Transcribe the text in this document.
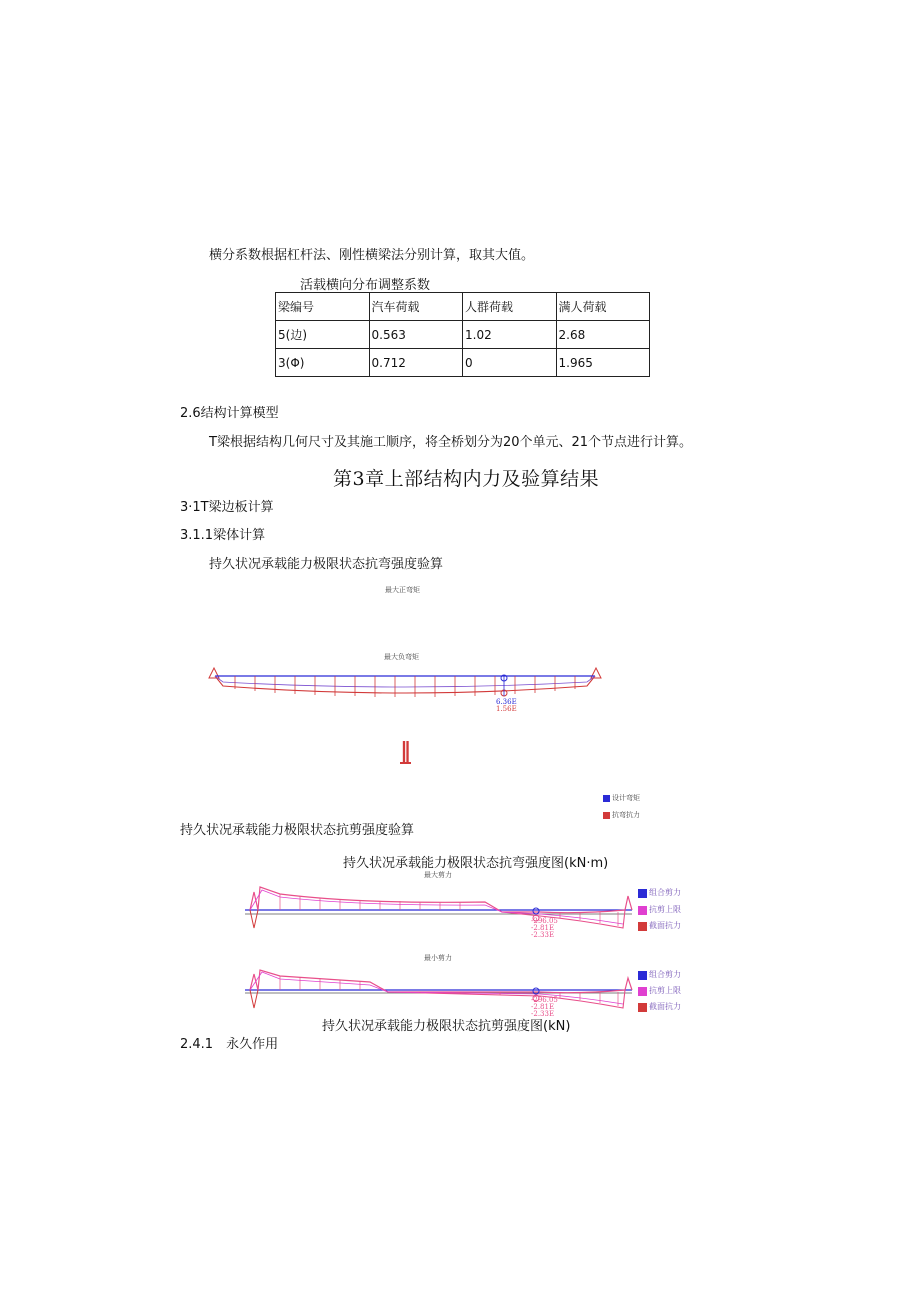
横分系数根据杠杆法、刚性横梁法分别计算，取其大值。
活载横向分布调整系数
梁编号	汽车荷载	人群荷载	满人荷载
5(边)	0.563	1.02	2.68
3(Φ)	0.712	0	1.965
2.6结构计算模型
T梁根据结构几何尺寸及其施工顺序，将全桥划分为20个单元、21个节点进行计算。
第3章上部结构内力及验算结果
3·1T梁边板计算
3.1.1梁体计算
持久状况承载能力极限状态抗弯强度验算
最大正弯矩
最大负弯矩
6.36E
1.56E
‖
设计弯矩
抗弯抗力
持久状况承载能力极限状态抗剪强度验算
持久状况承载能力极限状态抗弯强度图(kN·m)
最大剪力
-296.05
-2.81E
-2.33E
组合剪力
抗剪上限
截面抗力
最小剪力
-296.05
-2.81E
-2.33E
组合剪力
抗剪上限
截面抗力
持久状况承载能力极限状态抗剪强度图(kN)
2.4.1　永久作用
